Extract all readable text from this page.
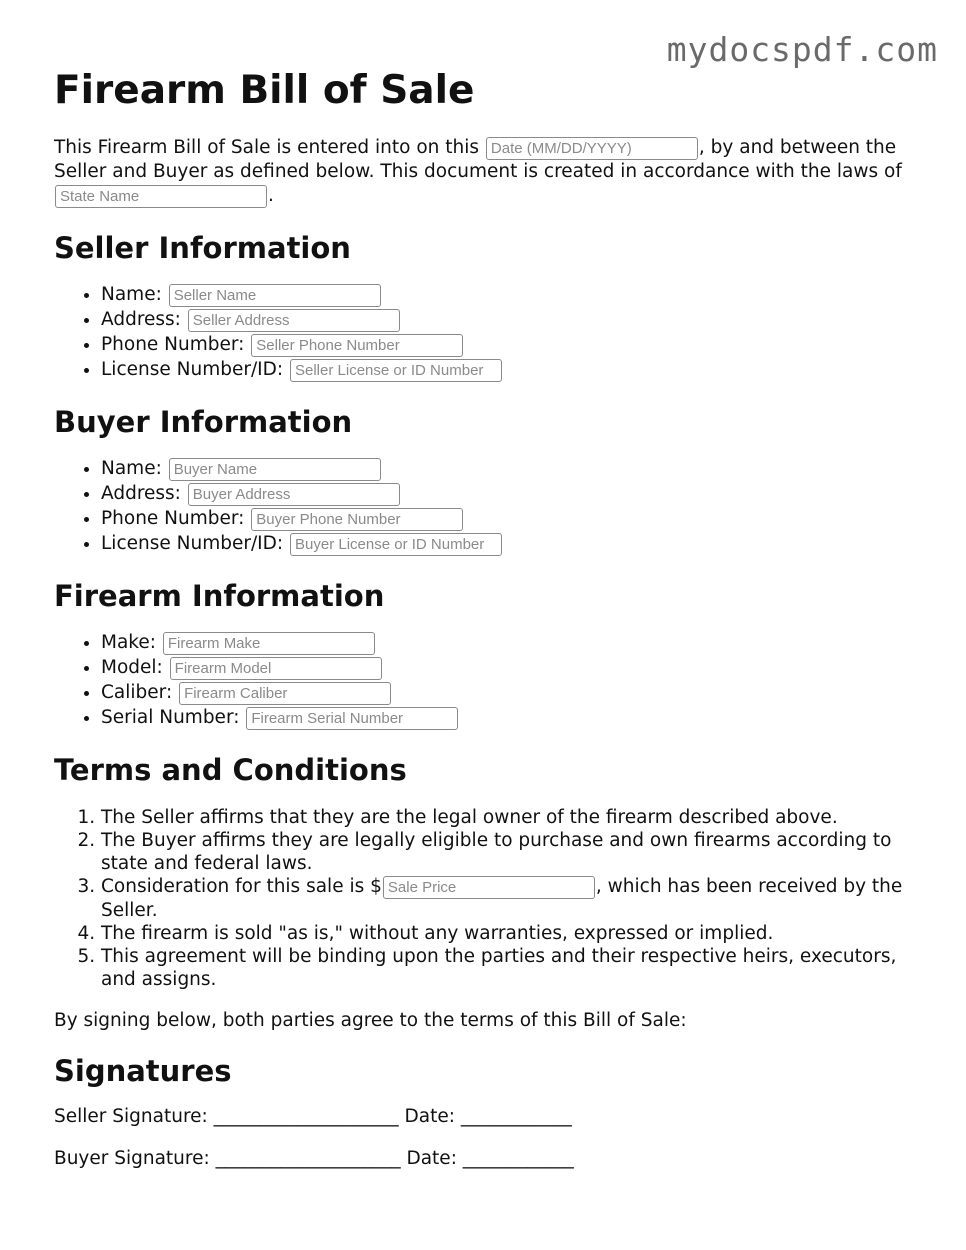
mydocspdf.com
Firearm Bill of Sale

This Firearm Bill of Sale is entered into on this Date (MM/DD/YYYY)	, by and between the Seller and Buyer as defined below. This document is created in accordance with the laws of State Name	.

Seller Information
• Name: Seller Name
• Address: Seller Address
• Phone Number: Seller Phone Number
• License Number/ID: Seller License or ID Number
Buyer Information
• Name: Buyer Name
• Address: Buyer Address
• Phone Number: Buyer Phone Number
• License Number/ID: Buyer License or ID Number
Firearm Information
• Make: Firearm Make
• Model: Firearm Model
• Caliber: Firearm Caliber
• Serial Number: Firearm Serial Number
Terms and Conditions
1. The Seller affirms that they are the legal owner of the firearm described above.
2. The Buyer affirms they are legally eligible to purchase and own firearms according to state and federal laws.
3. Consideration for this sale is $ Sale Price	, which has been received by the Seller.
4. The firearm is sold "as is," without any warranties, expressed or implied.
5. This agreement will be binding upon the parties and their respective heirs, executors, and assigns.

By signing below, both parties agree to the terms of this Bill of Sale:

Signatures

Seller Signature: ____________________ Date: ____________

Buyer Signature: ____________________ Date: ____________
